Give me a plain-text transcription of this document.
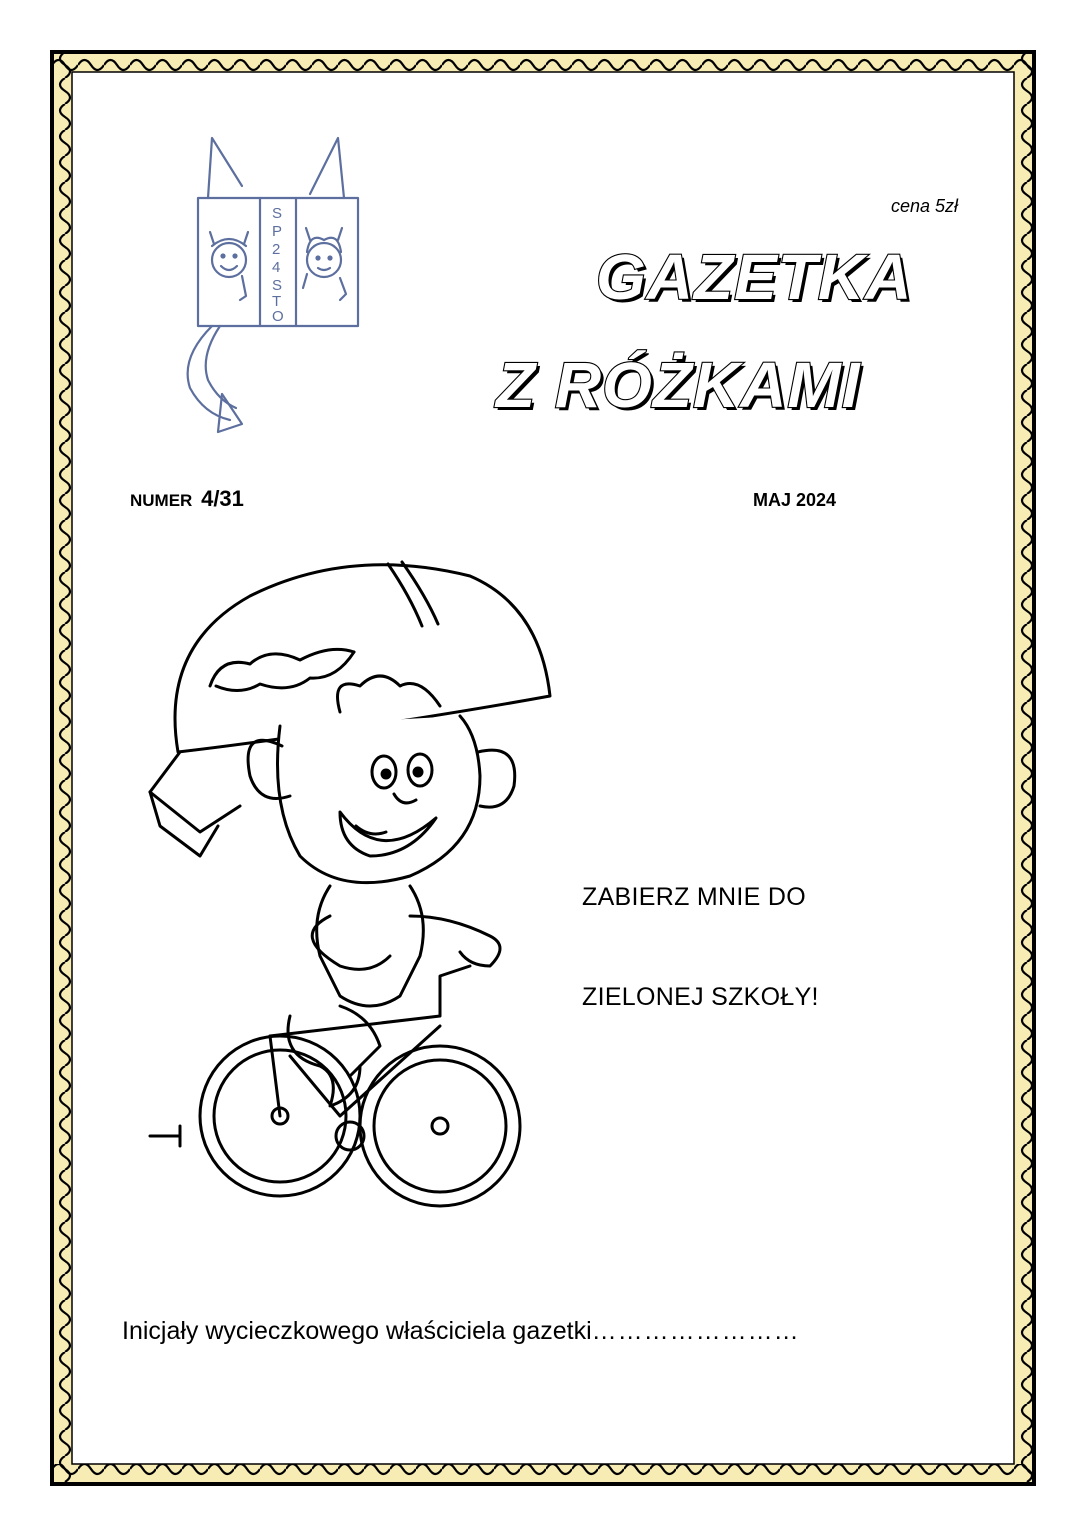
S
P
2
4
S
T
O
cena 5zł
GAZETKA
Z RÓŻKAMI
NUMER 4/31	MAJ 2024
ZABIERZ MNIE DO
ZIELONEJ SZKOŁY!
Inicjały wycieczkowego właściciela gazetki……………………
